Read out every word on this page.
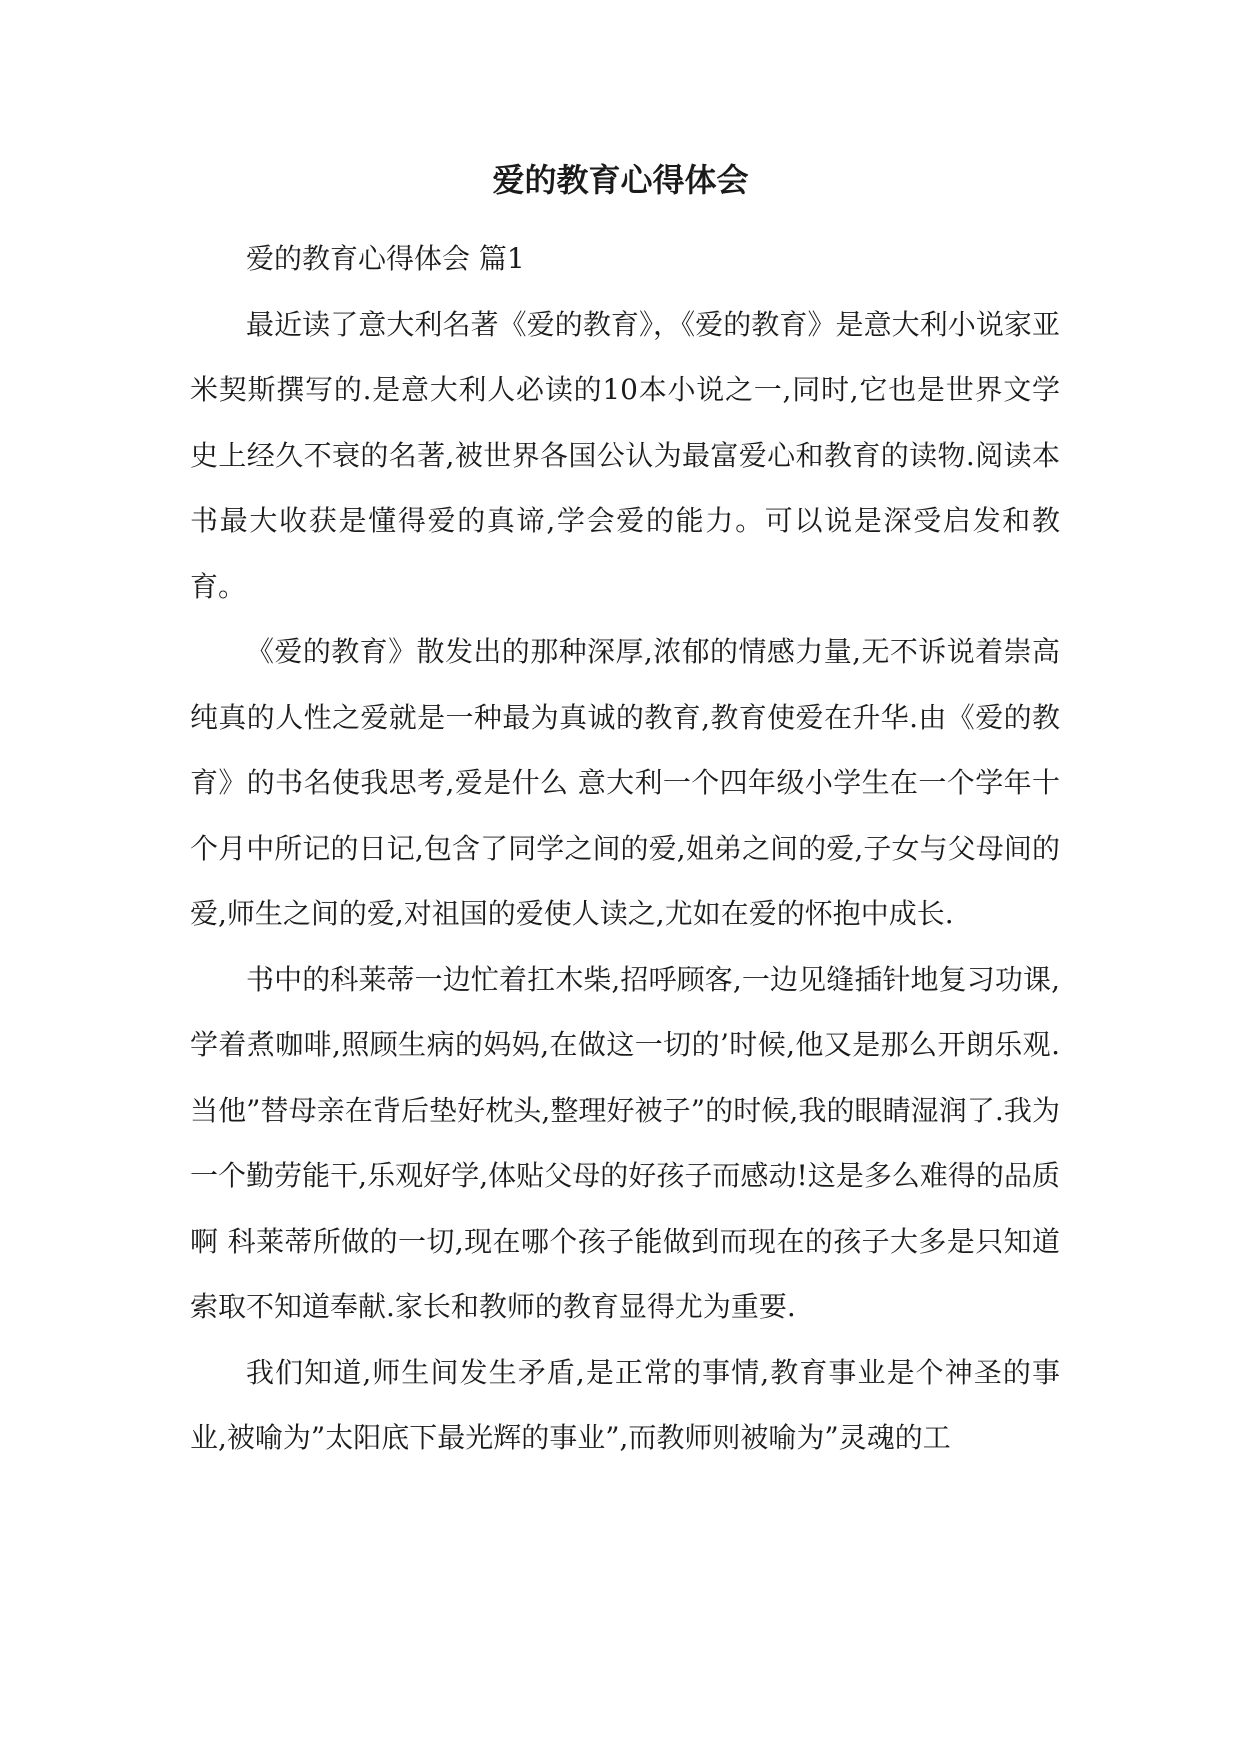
爱的教育心得体会

爱的教育心得体会 篇1

最近读了意大利名著《爱的教育》，《爱的教育》是意大利小说家亚米契斯撰写的.是意大利人必读的10本小说之一,同时,它也是世界文学史上经久不衰的名著,被世界各国公认为最富爱心和教育的读物.阅读本书最大收获是懂得爱的真谛,学会爱的能力。可以说是深受启发和教育。

《爱的教育》散发出的那种深厚,浓郁的情感力量,无不诉说着崇高纯真的人性之爱就是一种最为真诚的教育,教育使爱在升华.由《爱的教育》的书名使我思考,爱是什么 意大利一个四年级小学生在一个学年十个月中所记的日记,包含了同学之间的爱,姐弟之间的爱,子女与父母间的爱,师生之间的爱,对祖国的爱使人读之,尤如在爱的怀抱中成长.

书中的科莱蒂一边忙着扛木柴,招呼顾客,一边见缝插针地复习功课,学着煮咖啡,照顾生病的妈妈,在做这一切的’时候,他又是那么开朗乐观.当他”替母亲在背后垫好枕头,整理好被子”的时候,我的眼睛湿润了.我为一个勤劳能干,乐观好学,体贴父母的好孩子而感动!这是多么难得的品质啊 科莱蒂所做的一切,现在哪个孩子能做到而现在的孩子大多是只知道索取不知道奉献.家长和教师的教育显得尤为重要.

我们知道,师生间发生矛盾,是正常的事情,教育事业是个神圣的事业,被喻为”太阳底下最光辉的事业”,而教师则被喻为”灵魂的工
